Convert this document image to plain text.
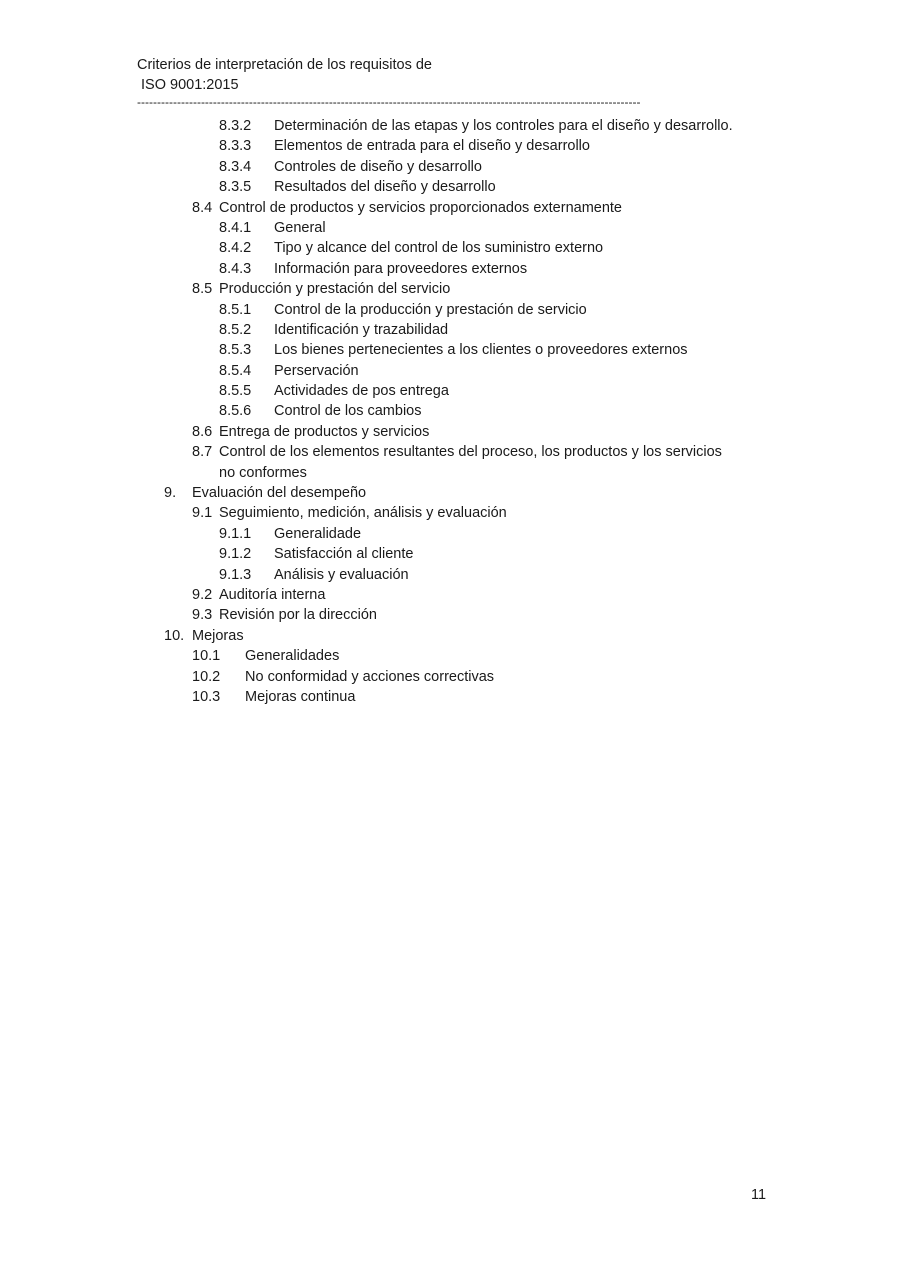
Criterios de interpretación de los requisitos de
ISO 9001:2015
------------------------------------------------------------------------------------------------------------------------------
8.3.2 Determinación de las etapas y los controles para el diseño y desarrollo.
8.3.3 Elementos de entrada para el diseño y desarrollo
8.3.4 Controles de diseño y desarrollo
8.3.5 Resultados del diseño y desarrollo
8.4 Control de productos y servicios proporcionados externamente
8.4.1 General
8.4.2 Tipo y alcance del control de los suministro externo
8.4.3 Información para proveedores externos
8.5 Producción y prestación del servicio
8.5.1 Control de la producción y prestación de servicio
8.5.2 Identificación y trazabilidad
8.5.3 Los bienes pertenecientes a los clientes o proveedores externos
8.5.4 Perservación
8.5.5 Actividades de pos entrega
8.5.6 Control de los cambios
8.6 Entrega de productos y servicios
8.7 Control de los elementos resultantes del proceso, los productos y los servicios
no conformes
9. Evaluación del desempeño
9.1 Seguimiento, medición, análisis y evaluación
9.1.1 Generalidade
9.1.2 Satisfacción al cliente
9.1.3 Análisis y evaluación
9.2 Auditoría interna
9.3 Revisión por la dirección
10. Mejoras
10.1 Generalidades
10.2 No conformidad y acciones correctivas
10.3 Mejoras continua
11
